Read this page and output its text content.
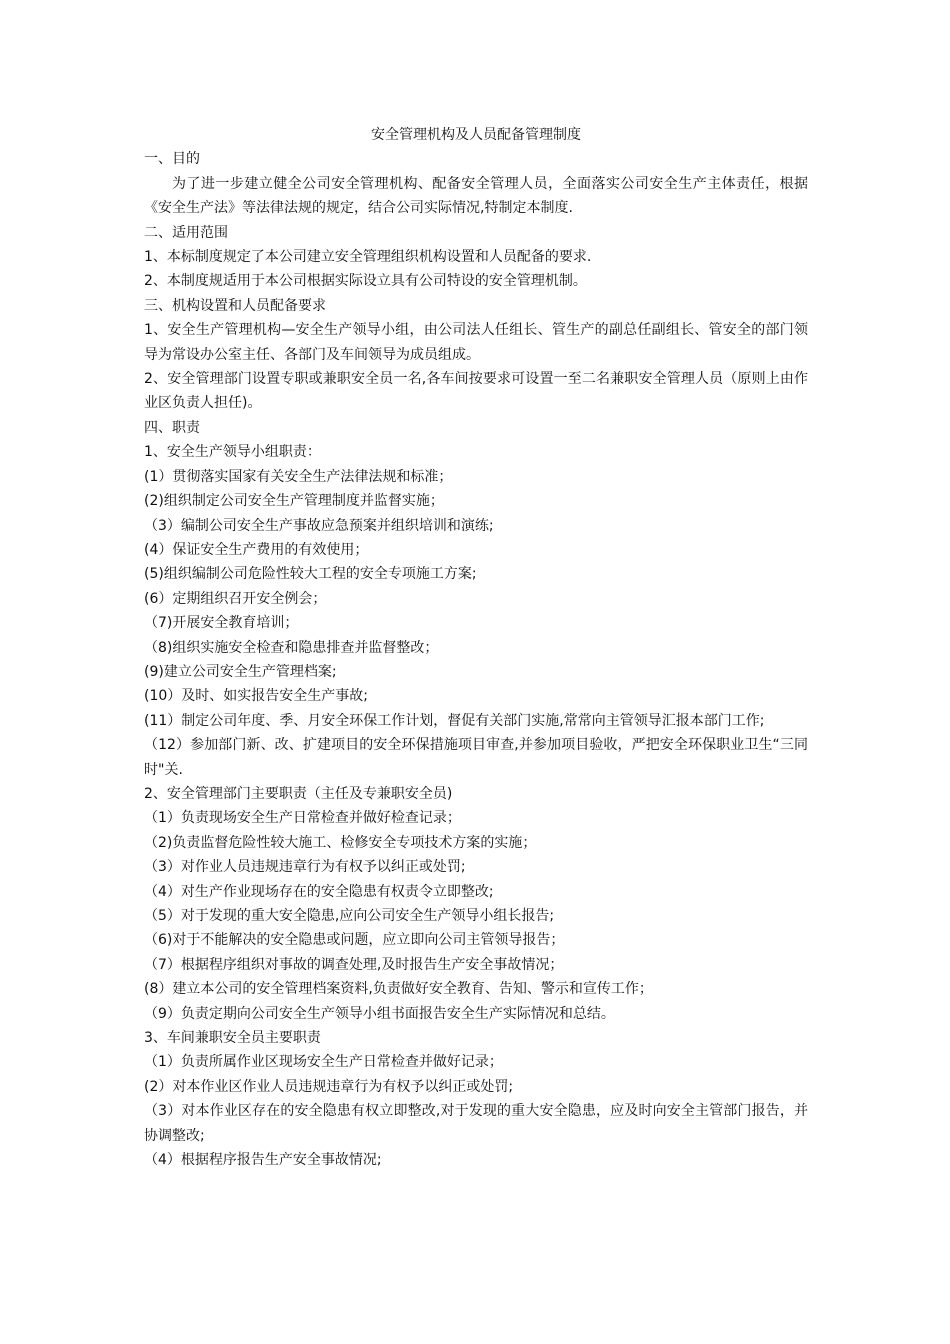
安全管理机构及人员配备管理制度

一、目的

为了进一步建立健全公司安全管理机构、配备安全管理人员，全面落实公司安全生产主体责任，根据《安全生产法》等法律法规的规定，结合公司实际情况,特制定本制度.

二、适用范围

1、本标制度规定了本公司建立安全管理组织机构设置和人员配备的要求.

2、本制度规适用于本公司根据实际设立具有公司特设的安全管理机制。

三、机构设置和人员配备要求

1、安全生产管理机构—安全生产领导小组，由公司法人任组长、管生产的副总任副组长、管安全的部门领导为常设办公室主任、各部门及车间领导为成员组成。

2、安全管理部门设置专职或兼职安全员一名,各车间按要求可设置一至二名兼职安全管理人员（原则上由作业区负责人担任)。

四、职责

1、安全生产领导小组职责：

(1）贯彻落实国家有关安全生产法律法规和标准；

(2)组织制定公司安全生产管理制度并监督实施；

（3）编制公司安全生产事故应急预案并组织培训和演练;

(4）保证安全生产费用的有效使用；

(5)组织编制公司危险性较大工程的安全专项施工方案;

(6）定期组织召开安全例会；

（7)开展安全教育培训；

（8)组织实施安全检查和隐患排查并监督整改；

(9)建立公司安全生产管理档案;

(10）及时、如实报告安全生产事故;

(11）制定公司年度、季、月安全环保工作计划，督促有关部门实施,常常向主管领导汇报本部门工作;

（12）参加部门新、改、扩建项目的安全环保措施项目审查,并参加项目验收，严把安全环保职业卫生“三同时"关.

2、安全管理部门主要职责（主任及专兼职安全员)

（1）负责现场安全生产日常检查并做好检查记录；

（2)负责监督危险性较大施工、检修安全专项技术方案的实施；

（3）对作业人员违规违章行为有权予以纠正或处罚;

（4）对生产作业现场存在的安全隐患有权责令立即整改;

（5）对于发现的重大安全隐患,应向公司安全生产领导小组长报告;

（6)对于不能解决的安全隐患或问题，应立即向公司主管领导报告；

（7）根据程序组织对事故的调查处理,及时报告生产安全事故情况；

(8）建立本公司的安全管理档案资料,负责做好安全教育、告知、警示和宣传工作；

（9）负责定期向公司安全生产领导小组书面报告安全生产实际情况和总结。

3、车间兼职安全员主要职责

（1）负责所属作业区现场安全生产日常检查并做好记录；

(2）对本作业区作业人员违规违章行为有权予以纠正或处罚;

（3）对本作业区存在的安全隐患有权立即整改,对于发现的重大安全隐患，应及时向安全主管部门报告，并协调整改;

（4）根据程序报告生产安全事故情况;
